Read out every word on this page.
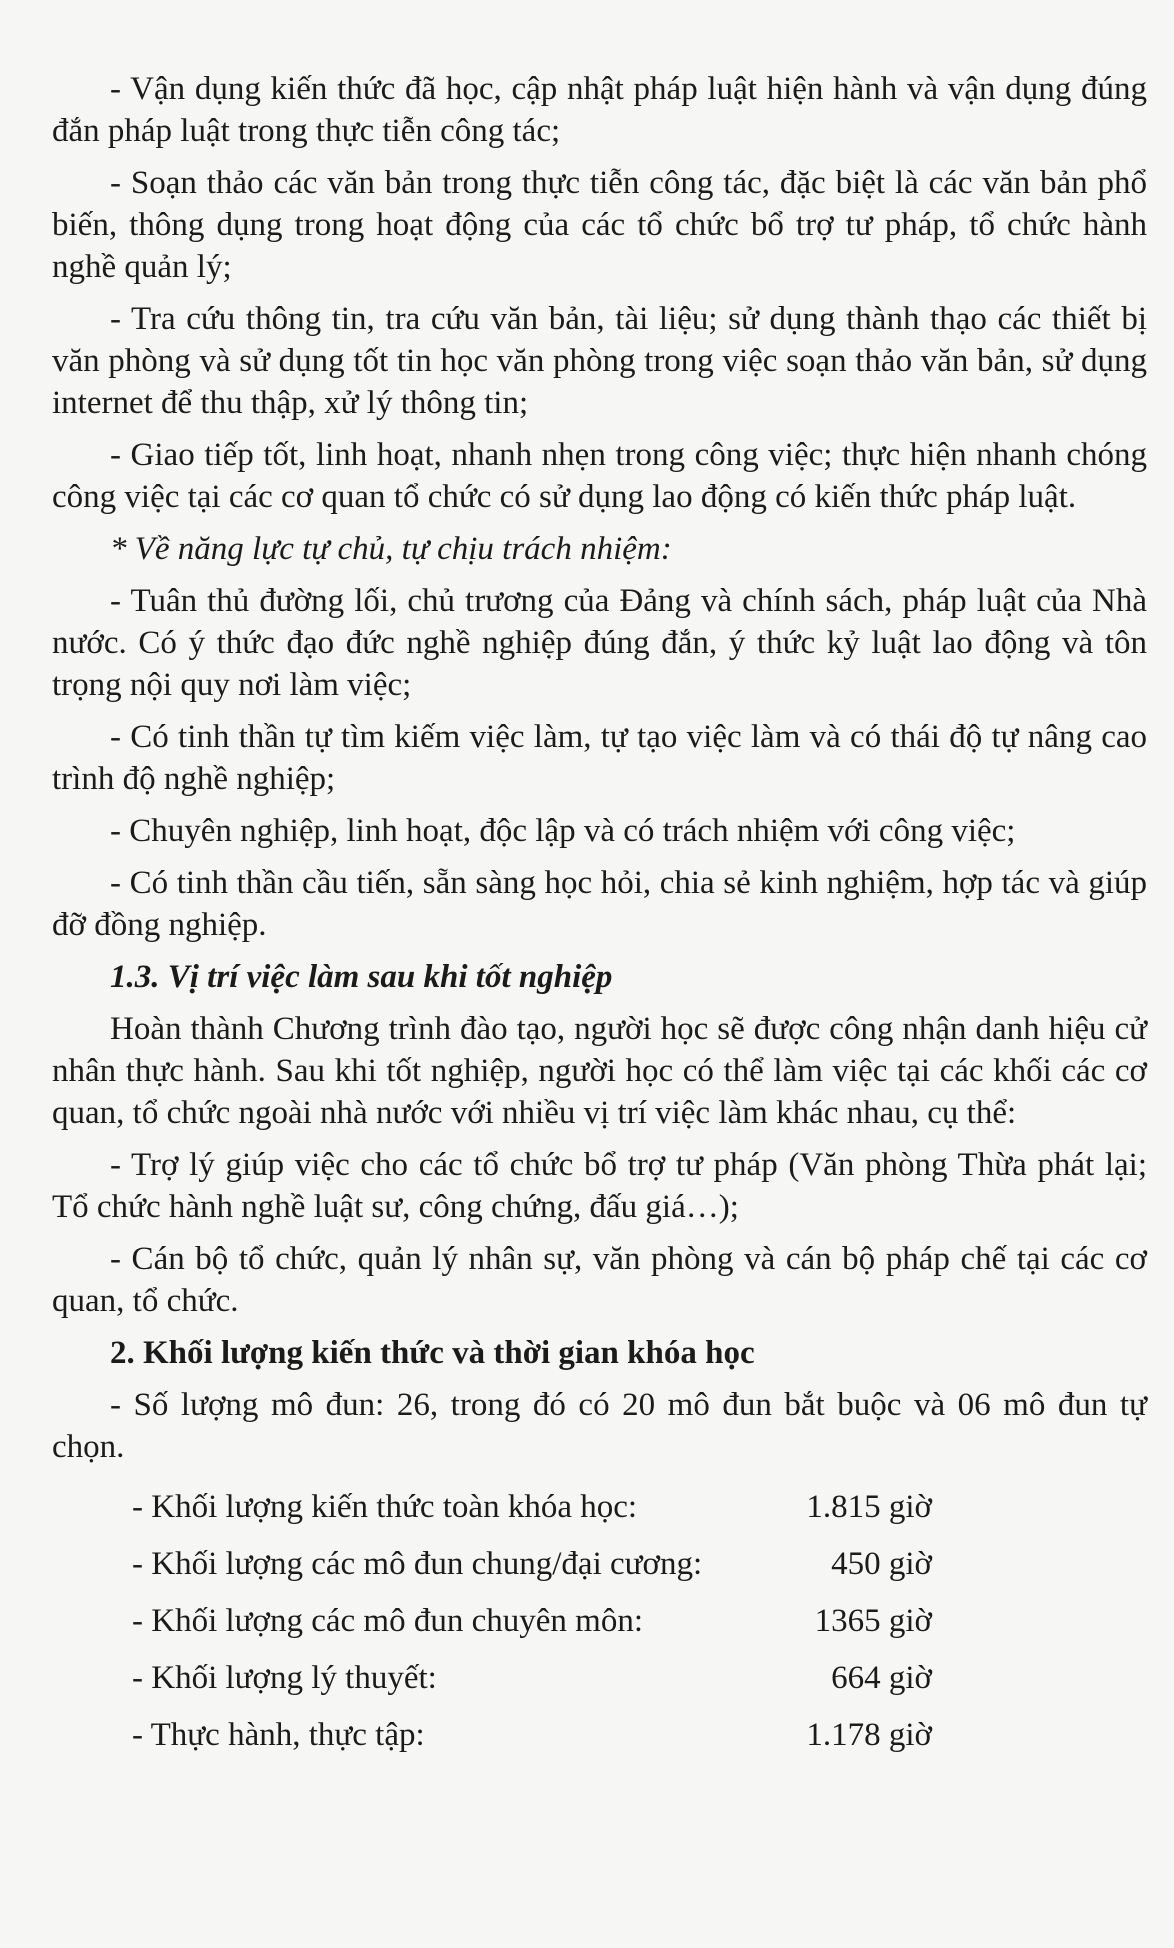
- Vận dụng kiến thức đã học, cập nhật pháp luật hiện hành và vận dụng đúng đắn pháp luật trong thực tiễn công tác;

- Soạn thảo các văn bản trong thực tiễn công tác, đặc biệt là các văn bản phổ biến, thông dụng trong hoạt động của các tổ chức bổ trợ tư pháp, tổ chức hành nghề quản lý;

- Tra cứu thông tin, tra cứu văn bản, tài liệu; sử dụng thành thạo các thiết bị văn phòng và sử dụng tốt tin học văn phòng trong việc soạn thảo văn bản, sử dụng internet để thu thập, xử lý thông tin;

- Giao tiếp tốt, linh hoạt, nhanh nhẹn trong công việc; thực hiện nhanh chóng công việc tại các cơ quan tổ chức có sử dụng lao động có kiến thức pháp luật.

* Về năng lực tự chủ, tự chịu trách nhiệm:

- Tuân thủ đường lối, chủ trương của Đảng và chính sách, pháp luật của Nhà nước. Có ý thức đạo đức nghề nghiệp đúng đắn, ý thức kỷ luật lao động và tôn trọng nội quy nơi làm việc;

- Có tinh thần tự tìm kiếm việc làm, tự tạo việc làm và có thái độ tự nâng cao trình độ nghề nghiệp;

- Chuyên nghiệp, linh hoạt, độc lập và có trách nhiệm với công việc;

- Có tinh thần cầu tiến, sẵn sàng học hỏi, chia sẻ kinh nghiệm, hợp tác và giúp đỡ đồng nghiệp.

1.3. Vị trí việc làm sau khi tốt nghiệp

Hoàn thành Chương trình đào tạo, người học sẽ được công nhận danh hiệu cử nhân thực hành. Sau khi tốt nghiệp, người học có thể làm việc tại các khối các cơ quan, tổ chức ngoài nhà nước với nhiều vị trí việc làm khác nhau, cụ thể:

- Trợ lý giúp việc cho các tổ chức bổ trợ tư pháp (Văn phòng Thừa phát lại; Tổ chức hành nghề luật sư, công chứng, đấu giá…);

- Cán bộ tổ chức, quản lý nhân sự, văn phòng và cán bộ pháp chế tại các cơ quan, tổ chức.

2. Khối lượng kiến thức và thời gian khóa học

- Số lượng mô đun: 26, trong đó có 20 mô đun bắt buộc và 06 mô đun tự chọn.

- Khối lượng kiến thức toàn khóa học:	1.815 giờ
- Khối lượng các mô đun chung/đại cương:	450 giờ
- Khối lượng các mô đun chuyên môn:	1365 giờ
- Khối lượng lý thuyết:	664 giờ
- Thực hành, thực tập:	1.178 giờ
